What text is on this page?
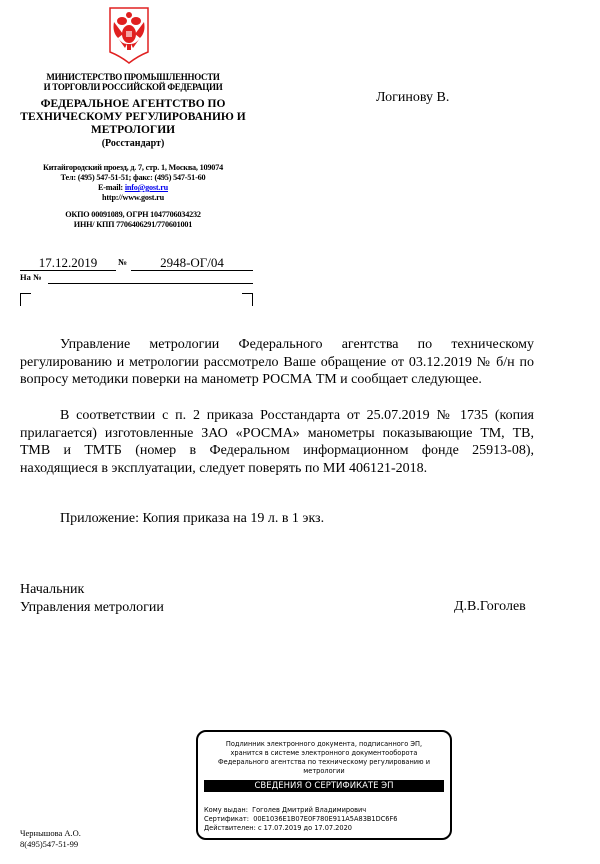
МИНИСТЕРСТВО ПРОМЫШЛЕННОСТИ
И ТОРГОВЛИ РОССИЙСКОЙ ФЕДЕРАЦИИ
ФЕДЕРАЛЬНОЕ АГЕНТСТВО ПО
ТЕХНИЧЕСКОМУ РЕГУЛИРОВАНИЮ И
МЕТРОЛОГИИ
(Росстандарт)
Китайгородский проезд, д. 7, стр. 1, Москва, 109074
Тел: (495) 547-51-51; факс: (495) 547-51-60
E-mail: info@gost.ru
http://www.gost.ru
ОКПО 00091089, ОГРН 1047706034232
ИНН/ КПП 7706406291/770601001
Логинову В.
17.12.2019	№	2948-ОГ/04
На №
Управление метрологии Федерального агентства по техническому регулированию и метрологии рассмотрело Ваше обращение от 03.12.2019 № б/н по вопросу методики поверки на манометр РОСМА ТМ и сообщает следующее.
В соответствии с п. 2 приказа Росстандарта от 25.07.2019 № 1735 (копия прилагается) изготовленные ЗАО «РОСМА» манометры показывающие ТМ, ТВ, ТМВ и ТМТБ (номер в Федеральном информационном фонде 25913-08), находящиеся в эксплуатации, следует поверять по МИ 406121-2018.
Приложение: Копия приказа на 19 л. в 1 экз.
Начальник
Управления метрологии	Д.В.Гоголев
Подлинник электронного документа, подписанного ЭП,
хранится в системе электронного документооборота
Федерального агентства по техническому регулированию и
метрологии
СВЕДЕНИЯ О СЕРТИФИКАТЕ ЭП
Кому выдан: Гоголев Дмитрий Владимирович
Сертификат: 00E1036E1B07E0F780E911A5A83B1DC6F6
Действителен: с 17.07.2019 до 17.07.2020
Чернышова А.О.
8(495)547-51-99
